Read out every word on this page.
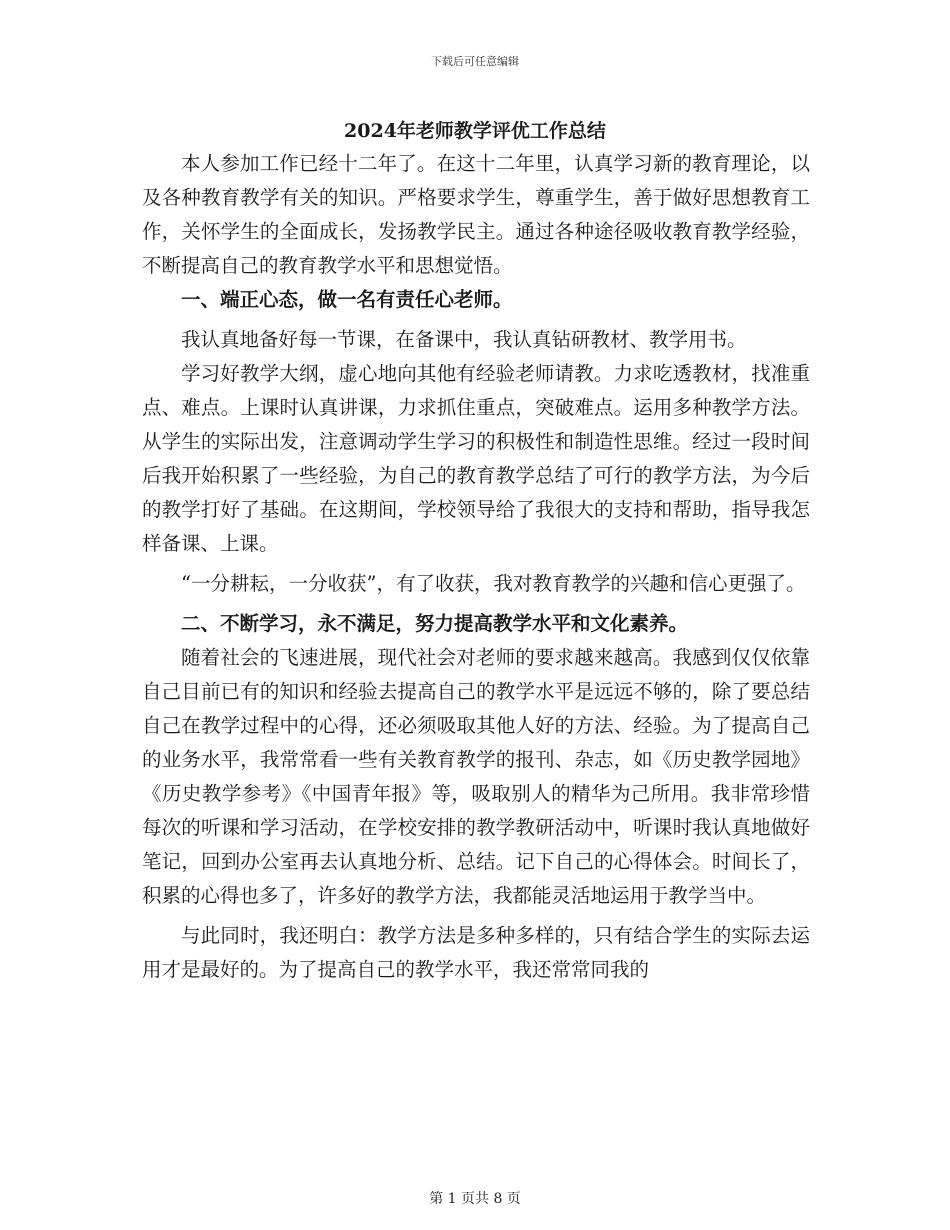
下载后可任意编辑
2024年老师教学评优工作总结

本人参加工作已经十二年了。在这十二年里，认真学习新的教育理论，以及各种教育教学有关的知识。严格要求学生，尊重学生，善于做好思想教育工作，关怀学生的全面成长，发扬教学民主。通过各种途径吸收教育教学经验，不断提高自己的教育教学水平和思想觉悟。

一、端正心态，做一名有责任心老师。

我认真地备好每一节课，在备课中，我认真钻研教材、教学用书。

学习好教学大纲，虚心地向其他有经验老师请教。力求吃透教材，找准重点、难点。上课时认真讲课，力求抓住重点，突破难点。运用多种教学方法。从学生的实际出发，注意调动学生学习的积极性和制造性思维。经过一段时间后我开始积累了一些经验，为自己的教育教学总结了可行的教学方法，为今后的教学打好了基础。在这期间，学校领导给了我很大的支持和帮助，指导我怎样备课、上课。

“一分耕耘，一分收获”，有了收获，我对教育教学的兴趣和信心更强了。

二、不断学习，永不满足，努力提高教学水平和文化素养。

随着社会的飞速进展，现代社会对老师的要求越来越高。我感到仅仅依靠自己目前已有的知识和经验去提高自己的教学水平是远远不够的，除了要总结自己在教学过程中的心得，还必须吸取其他人好的方法、经验。为了提高自己的业务水平，我常常看一些有关教育教学的报刊、杂志，如《历史教学园地》《历史教学参考》《中国青年报》等，吸取别人的精华为己所用。我非常珍惜每次的听课和学习活动，在学校安排的教学教研活动中，听课时我认真地做好笔记，回到办公室再去认真地分析、总结。记下自己的心得体会。时间长了，积累的心得也多了，许多好的教学方法，我都能灵活地运用于教学当中。

与此同时，我还明白：教学方法是多种多样的，只有结合学生的实际去运用才是最好的。为了提高自己的教学水平，我还常常同我的

第 1 页共 8 页
